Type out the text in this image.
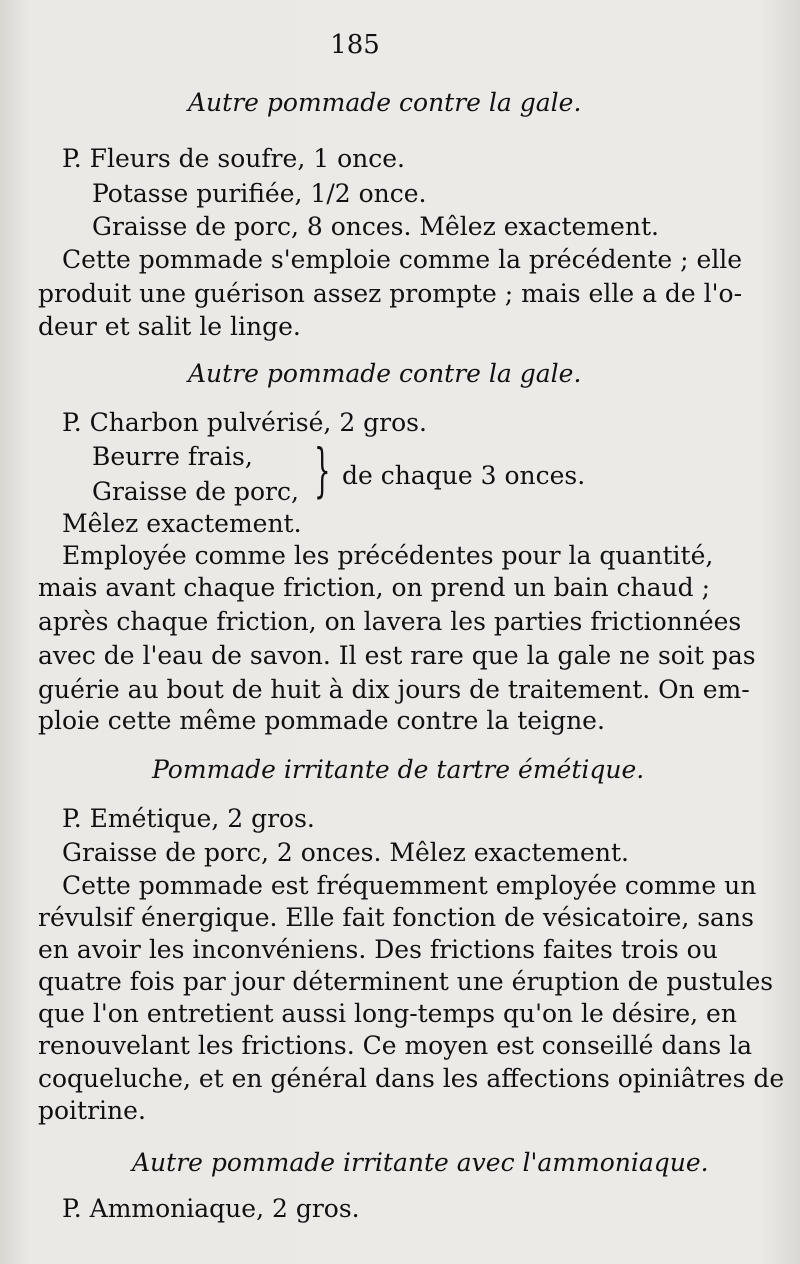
185
Autre pommade contre la gale.
P. Fleurs de soufre, 1 once.
Potasse purifiée, 1/2 once.
Graisse de porc, 8 onces. Mêlez exactement.
Cette pommade s'emploie comme la précédente ; elle
produit une guérison assez prompte ; mais elle a de l'o-
deur et salit le linge.
Autre pommade contre la gale.
P. Charbon pulvérisé, 2 gros.
Beurre frais,
Graisse de porc, } de chaque 3 onces.
Mêlez exactement.
Employée comme les précédentes pour la quantité,
mais avant chaque friction, on prend un bain chaud ;
après chaque friction, on lavera les parties frictionnées
avec de l'eau de savon. Il est rare que la gale ne soit pas
guérie au bout de huit à dix jours de traitement. On em-
ploie cette même pommade contre la teigne.
Pommade irritante de tartre émétique.
P. Emétique, 2 gros.
Graisse de porc, 2 onces. Mêlez exactement.
Cette pommade est fréquemment employée comme un
révulsif énergique. Elle fait fonction de vésicatoire, sans
en avoir les inconvéniens. Des frictions faites trois ou
quatre fois par jour déterminent une éruption de pustules
que l'on entretient aussi long-temps qu'on le désire, en
renouvelant les frictions. Ce moyen est conseillé dans la
coqueluche, et en général dans les affections opiniâtres de
poitrine.
Autre pommade irritante avec l'ammoniaque.
P. Ammoniaque, 2 gros.
